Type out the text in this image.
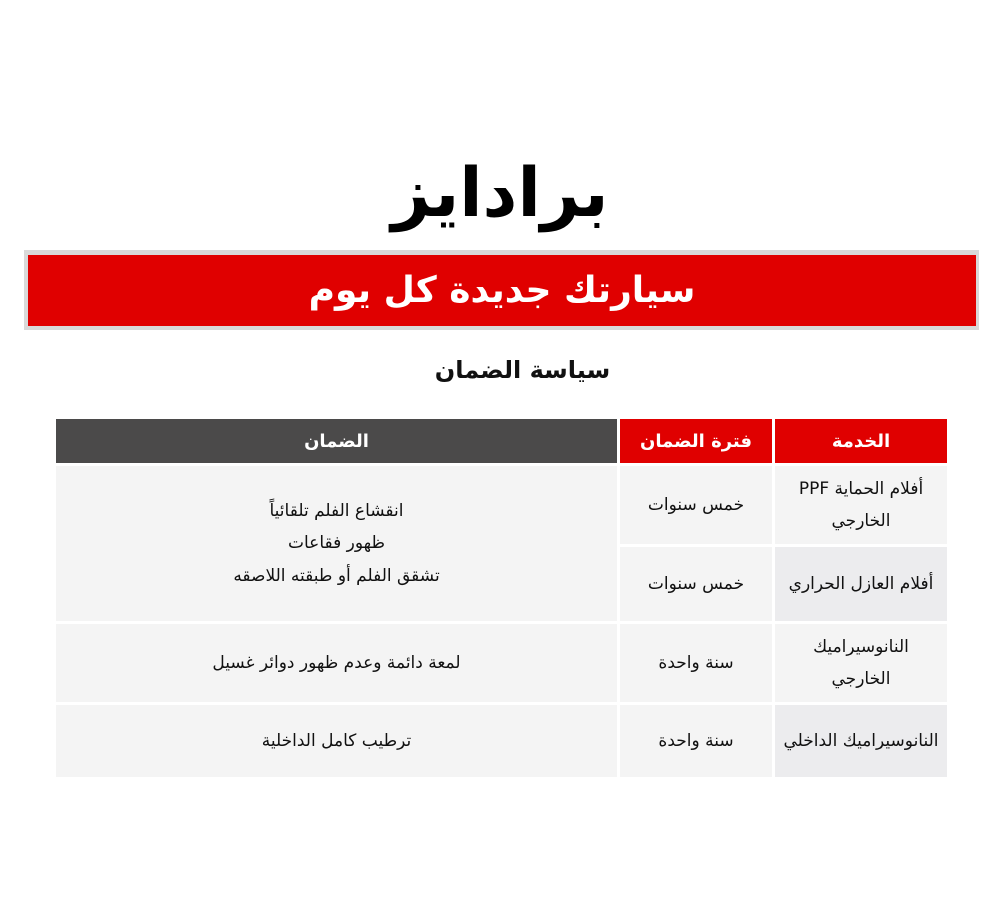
برادايز
سيارتك جديدة كل يوم
سياسة الضمان
الخدمة	فترة الضمان	الضمان
أفلام الحماية PPF الخارجي	خمس سنوات	انقشاع الفلم تلقائياً
ظهور فقاعات
تشقق الفلم أو طبقته اللاصقه

أفلام العازل الحراري	خمس سنوات	
النانوسيراميك الخارجي	سنة واحدة	لمعة دائمة وعدم ظهور دوائر غسيل
النانوسيراميك الداخلي	سنة واحدة	ترطيب كامل الداخلية
